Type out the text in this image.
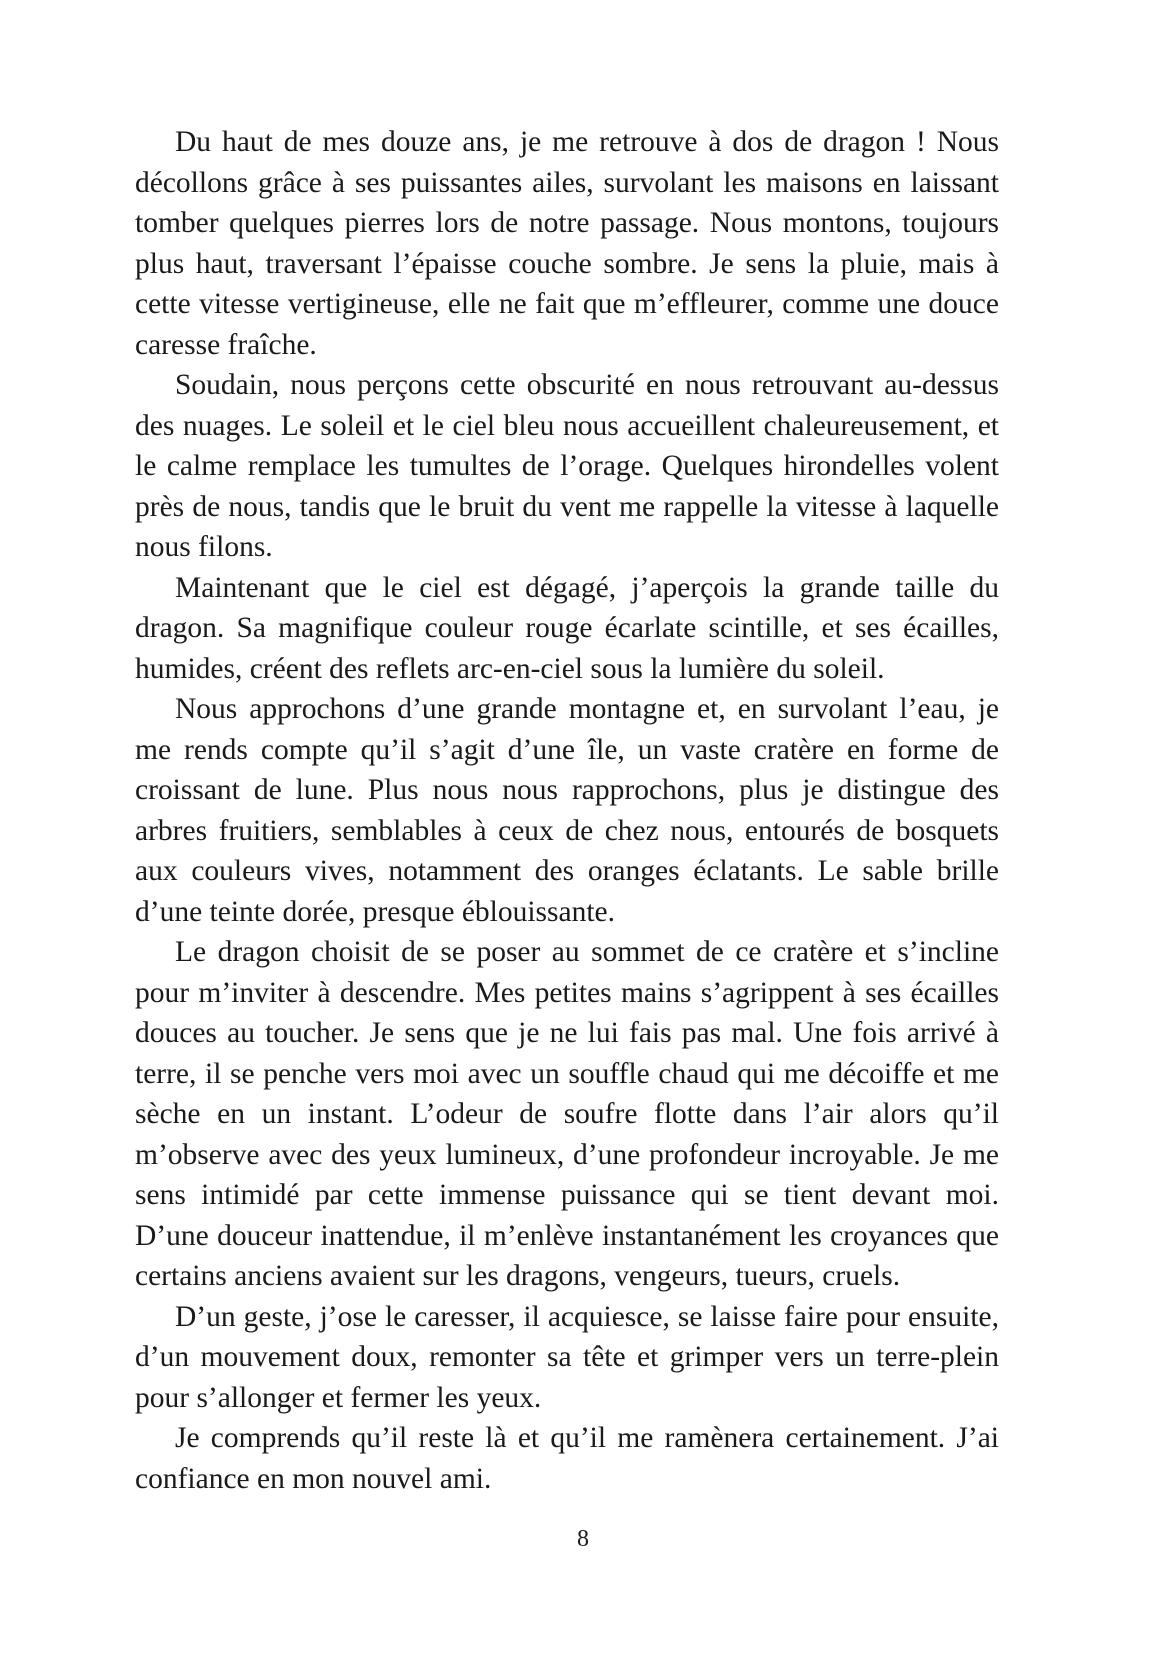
Du haut de mes douze ans, je me retrouve à dos de dragon ! Nous décollons grâce à ses puissantes ailes, survolant les maisons en laissant tomber quelques pierres lors de notre passage. Nous montons, toujours plus haut, traversant l’épaisse couche sombre. Je sens la pluie, mais à cette vitesse vertigineuse, elle ne fait que m’effleurer, comme une douce caresse fraîche.

Soudain, nous perçons cette obscurité en nous retrouvant au-dessus des nuages. Le soleil et le ciel bleu nous accueillent chaleureusement, et le calme remplace les tumultes de l’orage. Quelques hirondelles volent près de nous, tandis que le bruit du vent me rappelle la vitesse à laquelle nous filons.

Maintenant que le ciel est dégagé, j’aperçois la grande taille du dragon. Sa magnifique couleur rouge écarlate scintille, et ses écailles, humides, créent des reflets arc-en-ciel sous la lumière du soleil.

Nous approchons d’une grande montagne et, en survolant l’eau, je me rends compte qu’il s’agit d’une île, un vaste cratère en forme de croissant de lune. Plus nous nous rapprochons, plus je distingue des arbres fruitiers, semblables à ceux de chez nous, entourés de bosquets aux couleurs vives, notamment des oranges éclatants. Le sable brille d’une teinte dorée, presque éblouissante.

Le dragon choisit de se poser au sommet de ce cratère et s’incline pour m’inviter à descendre. Mes petites mains s’agrippent à ses écailles douces au toucher. Je sens que je ne lui fais pas mal. Une fois arrivé à terre, il se penche vers moi avec un souffle chaud qui me décoiffe et me sèche en un instant. L’odeur de soufre flotte dans l’air alors qu’il m’observe avec des yeux lumineux, d’une profondeur incroyable. Je me sens intimidé par cette immense puissance qui se tient devant moi. D’une douceur inattendue, il m’enlève instantanément les croyances que certains anciens avaient sur les dragons, vengeurs, tueurs, cruels.

D’un geste, j’ose le caresser, il acquiesce, se laisse faire pour ensuite, d’un mouvement doux, remonter sa tête et grimper vers un terre-plein pour s’allonger et fermer les yeux.

Je comprends qu’il reste là et qu’il me ramènera certainement. J’ai confiance en mon nouvel ami.

8
